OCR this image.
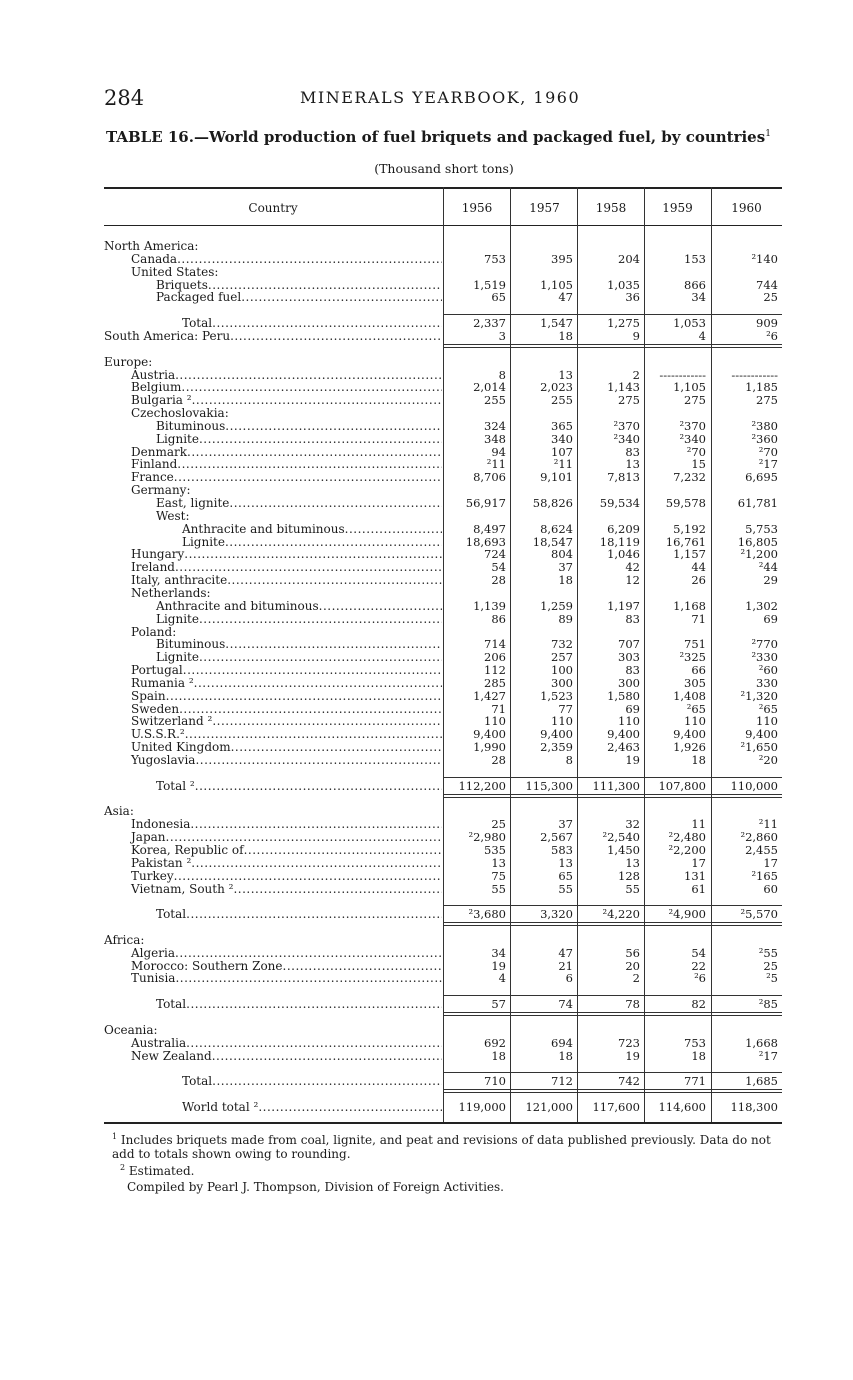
284	MINERALS YEARBOOK, 1960
TABLE 16.—World production of fuel briquets and packaged fuel, by countries$^1$
(Thousand short tons)
Country	1956	1957	1958	1959	1960
North America:
Canada .....	753	395	204	153	²140
United States:
Briquets .....	1,519	1,105	1,035	866	744
Packaged fuel .....	65	47	36	34	25
Total .....	2,337	1,547	1,275	1,053	909
South America: Peru .....	3	18	9	4	²6
Europe:
Austria .....	8	13	2	------------	------------
Belgium .....	2,014	2,023	1,143	1,105	1,185
Bulgaria ² .....	255	255	275	275	275
Czechoslovakia:
Bituminous .....	324	365	²370	²370	²380
Lignite .....	348	340	²340	²340	²360
Denmark .....	94	107	83	²70	²70
Finland .....	²11	²11	13	15	²17
France .....	8,706	9,101	7,813	7,232	6,695
Germany:
East, lignite .....	56,917	58,826	59,534	59,578	61,781
West:
Anthracite and bituminous .....	8,497	8,624	6,209	5,192	5,753
Lignite .....	18,693	18,547	18,119	16,761	16,805
Hungary .....	724	804	1,046	1,157	²1,200
Ireland .....	54	37	42	44	²44
Italy, anthracite .....	28	18	12	26	29
Netherlands:
Anthracite and bituminous .....	1,139	1,259	1,197	1,168	1,302
Lignite .....	86	89	83	71	69
Poland:
Bituminous .....	714	732	707	751	²770
Lignite .....	206	257	303	²325	²330
Portugal .....	112	100	83	66	²60
Rumania ² .....	285	300	300	305	330
Spain .....	1,427	1,523	1,580	1,408	²1,320
Sweden .....	71	77	69	²65	²65
Switzerland ² .....	110	110	110	110	110
U.S.S.R.² .....	9,400	9,400	9,400	9,400	9,400
United Kingdom .....	1,990	2,359	2,463	1,926	²1,650
Yugoslavia .....	28	8	19	18	²20
Total ² .....	112,200	115,300	111,300	107,800	110,000
Asia:
Indonesia .....	25	37	32	11	²11
Japan .....	²2,980	2,567	²2,540	²2,480	²2,860
Korea, Republic of .....	535	583	1,450	²2,200	2,455
Pakistan ² .....	13	13	13	17	17
Turkey .....	75	65	128	131	²165
Vietnam, South ² .....	55	55	55	61	60
Total .....	²3,680	3,320	²4,220	²4,900	²5,570
Africa:
Algeria .....	34	47	56	54	²55
Morocco: Southern Zone .....	19	21	20	22	25
Tunisia .....	4	6	2	²6	²5
Total .....	57	74	78	82	²85
Oceania:
Australia .....	692	694	723	753	1,668
New Zealand .....	18	18	19	18	²17
Total .....	710	712	742	771	1,685
World total ² .....	119,000	121,000	117,600	114,600	118,300

$^1$ Includes briquets made from coal, lignite, and peat and revisions of data published previously. Data do not add to totals shown owing to rounding.

$^2$ Estimated.

Compiled by Pearl J. Thompson, Division of Foreign Activities.
